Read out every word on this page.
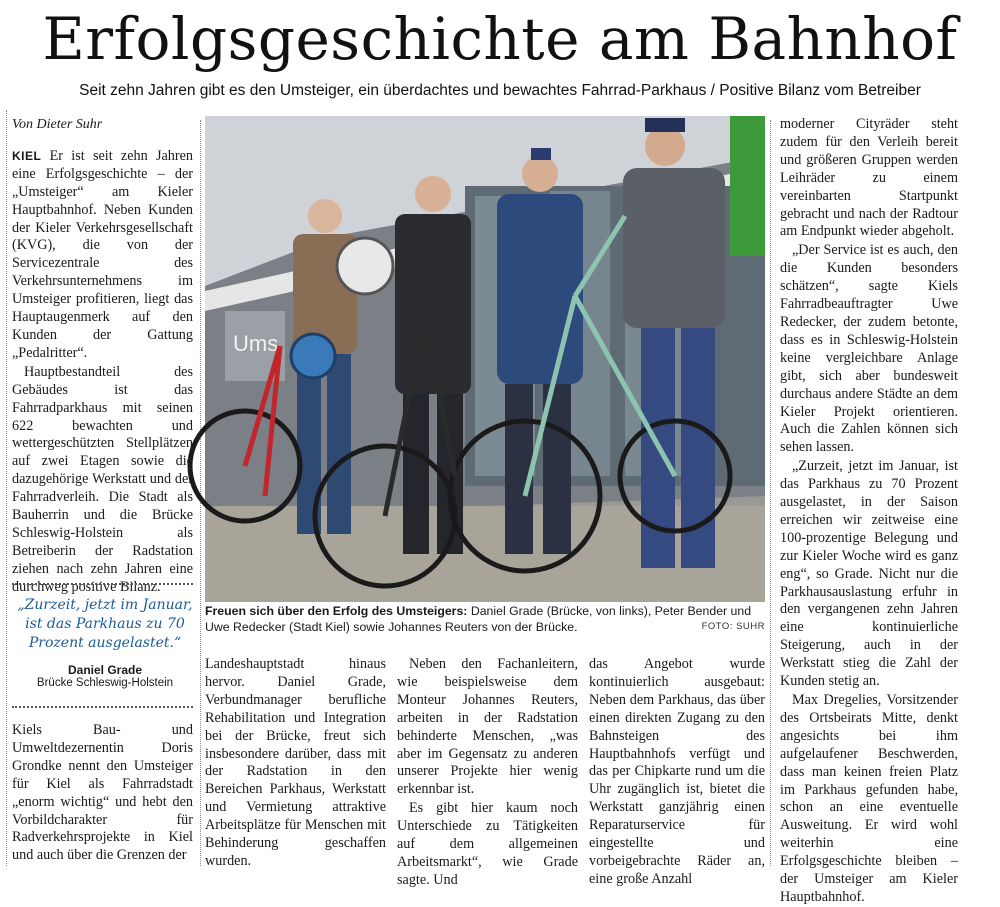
Erfolgsgeschichte am Bahnhof
Seit zehn Jahren gibt es den Umsteiger, ein überdachtes und bewachtes Fahrrad-Parkhaus / Positive Bilanz vom Betreiber
Von Dieter Suhr

KIEL Er ist seit zehn Jahren eine Erfolgsgeschichte – der „Umsteiger“ am Kieler Hauptbahnhof. Neben Kunden der Kieler Verkehrsgesellschaft (KVG), die von der Servicezentrale des Verkehrsunternehmens im Umsteiger profitieren, liegt das Hauptaugenmerk auf den Kunden der Gattung „Pedalritter“.

Hauptbestandteil des Gebäudes ist das Fahrradparkhaus mit seinen 622 bewachten und wettergeschützten Stellplätzen auf zwei Etagen sowie die dazugehörige Werkstatt und der Fahrradverleih. Die Stadt als Bauherrin und die Brücke Schleswig-Holstein als Betreiberin der Radstation ziehen nach zehn Jahren eine durchweg positive Bilanz.

„Zurzeit, jetzt im Januar, ist das Parkhaus zu 70 Prozent ausgelastet.“
Daniel Grade
Brücke Schleswig-Holstein

Kiels Bau- und Umweltdezernentin Doris Grondke nennt den Umsteiger für Kiel als Fahrradstadt „enorm wichtig“ und hebt den Vorbildcharakter für Radverkehrsprojekte in Kiel und auch über die Grenzen der

Ums
Freuen sich über den Erfolg des Umsteigers: Daniel Grade (Brücke, von links), Peter Bender und Uwe Redecker (Stadt Kiel) sowie Johannes Reuters von der Brücke.	FOTO: SUHR

Landeshauptstadt hinaus hervor. Daniel Grade, Verbundmanager berufliche Rehabilitation und Integration bei der Brücke, freut sich insbesondere darüber, dass mit der Radstation in den Bereichen Parkhaus, Werkstatt und Vermietung attraktive Arbeitsplätze für Menschen mit Behinderung geschaffen wurden.

Neben den Fachanleitern, wie beispielsweise dem Monteur Johannes Reuters, arbeiten in der Radstation behinderte Menschen, „was aber im Gegensatz zu anderen unserer Projekte hier wenig erkennbar ist.

Es gibt hier kaum noch Unterschiede zu Tätigkeiten auf dem allgemeinen Arbeitsmarkt“, wie Grade sagte. Und

das Angebot wurde kontinuierlich ausgebaut: Neben dem Parkhaus, das über einen direkten Zugang zu den Bahnsteigen des Hauptbahnhofs verfügt und das per Chipkarte rund um die Uhr zugänglich ist, bietet die Werkstatt ganzjährig einen Reparaturservice für eingestellte und vorbeigebrachte Räder an, eine große Anzahl

moderner Cityräder steht zudem für den Verleih bereit und größeren Gruppen werden Leihräder zu einem vereinbarten Startpunkt gebracht und nach der Radtour am Endpunkt wieder abgeholt.

„Der Service ist es auch, den die Kunden besonders schätzen“, sagte Kiels Fahrradbeauftragter Uwe Redecker, der zudem betonte, dass es in Schleswig-Holstein keine vergleichbare Anlage gibt, sich aber bundesweit durchaus andere Städte an dem Kieler Projekt orientieren. Auch die Zahlen können sich sehen lassen.

„Zurzeit, jetzt im Januar, ist das Parkhaus zu 70 Prozent ausgelastet, in der Saison erreichen wir zeitweise eine 100-prozentige Belegung und zur Kieler Woche wird es ganz eng“, so Grade. Nicht nur die Parkhausauslastung erfuhr in den vergangenen zehn Jahren eine kontinuierliche Steigerung, auch in der Werkstatt stieg die Zahl der Kunden stetig an.

Max Dregelies, Vorsitzender des Ortsbeirats Mitte, denkt angesichts bei ihm aufgelaufener Beschwerden, dass man keinen freien Platz im Parkhaus gefunden habe, schon an eine eventuelle Ausweitung. Er wird wohl weiterhin eine Erfolgsgeschichte bleiben – der Umsteiger am Kieler Hauptbahnhof.
